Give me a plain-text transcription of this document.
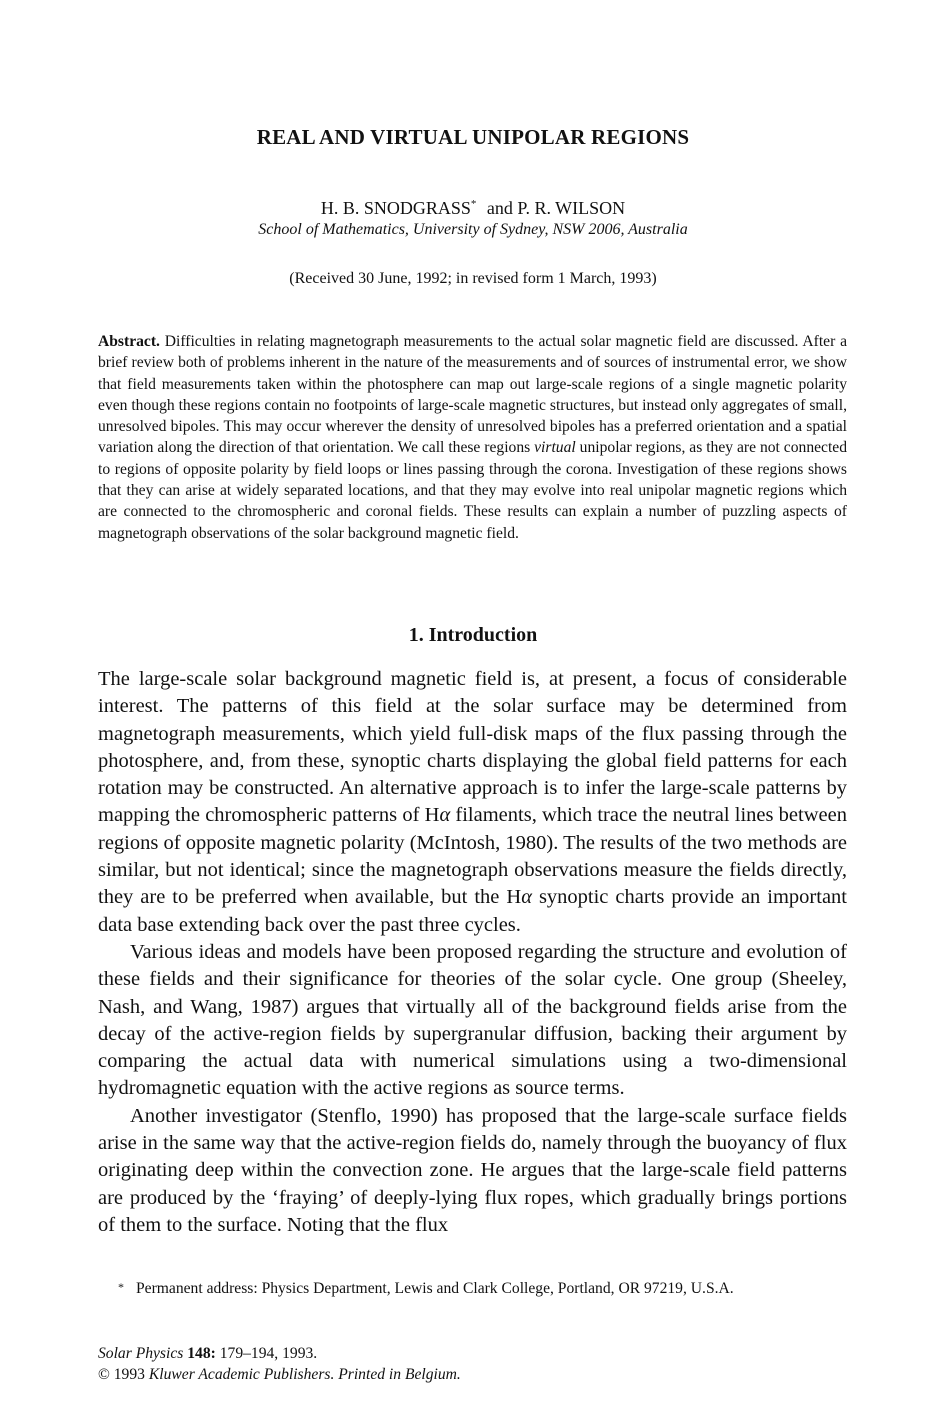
REAL AND VIRTUAL UNIPOLAR REGIONS
H. B. SNODGRASS* and P. R. WILSON
School of Mathematics, University of Sydney, NSW 2006, Australia
(Received 30 June, 1992; in revised form 1 March, 1993)
Abstract. Difficulties in relating magnetograph measurements to the actual solar magnetic field are discussed. After a brief review both of problems inherent in the nature of the measurements and of sources of instrumental error, we show that field measurements taken within the photosphere can map out large-scale regions of a single magnetic polarity even though these regions contain no footpoints of large-scale magnetic structures, but instead only aggregates of small, unresolved bipoles. This may occur wherever the density of unresolved bipoles has a preferred orientation and a spatial variation along the direction of that orientation. We call these regions virtual unipolar regions, as they are not connected to regions of opposite polarity by field loops or lines passing through the corona. Investigation of these regions shows that they can arise at widely separated locations, and that they may evolve into real unipolar magnetic regions which are connected to the chromospheric and coronal fields. These results can explain a number of puzzling aspects of magnetograph observations of the solar background magnetic field.
1. Introduction

The large-scale solar background magnetic field is, at present, a focus of considerable interest. The patterns of this field at the solar surface may be determined from magnetograph measurements, which yield full-disk maps of the flux passing through the photosphere, and, from these, synoptic charts displaying the global field patterns for each rotation may be constructed. An alternative approach is to infer the large-scale patterns by mapping the chromospheric patterns of Hα filaments, which trace the neutral lines between regions of opposite magnetic polarity (McIntosh, 1980). The results of the two methods are similar, but not identical; since the magnetograph observations measure the fields directly, they are to be preferred when available, but the Hα synoptic charts provide an important data base extending back over the past three cycles.

Various ideas and models have been proposed regarding the structure and evolution of these fields and their significance for theories of the solar cycle. One group (Sheeley, Nash, and Wang, 1987) argues that virtually all of the background fields arise from the decay of the active-region fields by supergranular diffusion, backing their argument by comparing the actual data with numerical simulations using a two-dimensional hydromagnetic equation with the active regions as source terms.

Another investigator (Stenflo, 1990) has proposed that the large-scale surface fields arise in the same way that the active-region fields do, namely through the buoyancy of flux originating deep within the convection zone. He argues that the large-scale field patterns are produced by the ‘fraying’ of deeply-lying flux ropes, which gradually brings portions of them to the surface. Noting that the flux

* Permanent address: Physics Department, Lewis and Clark College, Portland, OR 97219, U.S.A.
Solar Physics 148: 179–194, 1993.
© 1993 Kluwer Academic Publishers. Printed in Belgium.
